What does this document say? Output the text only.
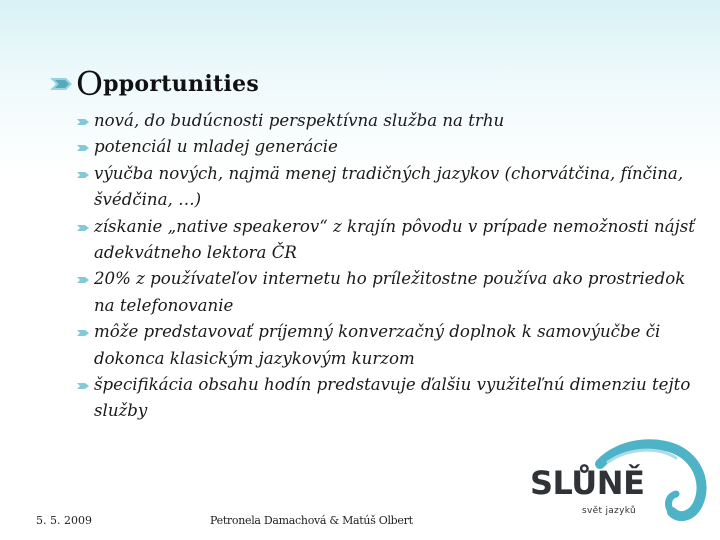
O pportunities
nová, do budúcnosti perspektívna služba na trhu
potenciál u mladej generácie
výučba nových, najmä menej tradičných jazykov (chorvátčina, fínčina, švédčina, …)
získanie „native speakerov“ z krajín pôvodu v prípade nemožnosti nájsť adekvátneho lektora ČR
20% z používateľov internetu ho príležitostne používa ako prostriedok na telefonovanie
môže predstavovať príjemný konverzačný doplnok k samovýučbe či dokonca klasickým jazykovým kurzom
špecifikácia obsahu hodín predstavuje ďalšiu využiteľnú dimenziu tejto služby
5. 5. 2009	Petronela Damachová & Matúš Olbert
SLŮNĚ
svět jazyků
